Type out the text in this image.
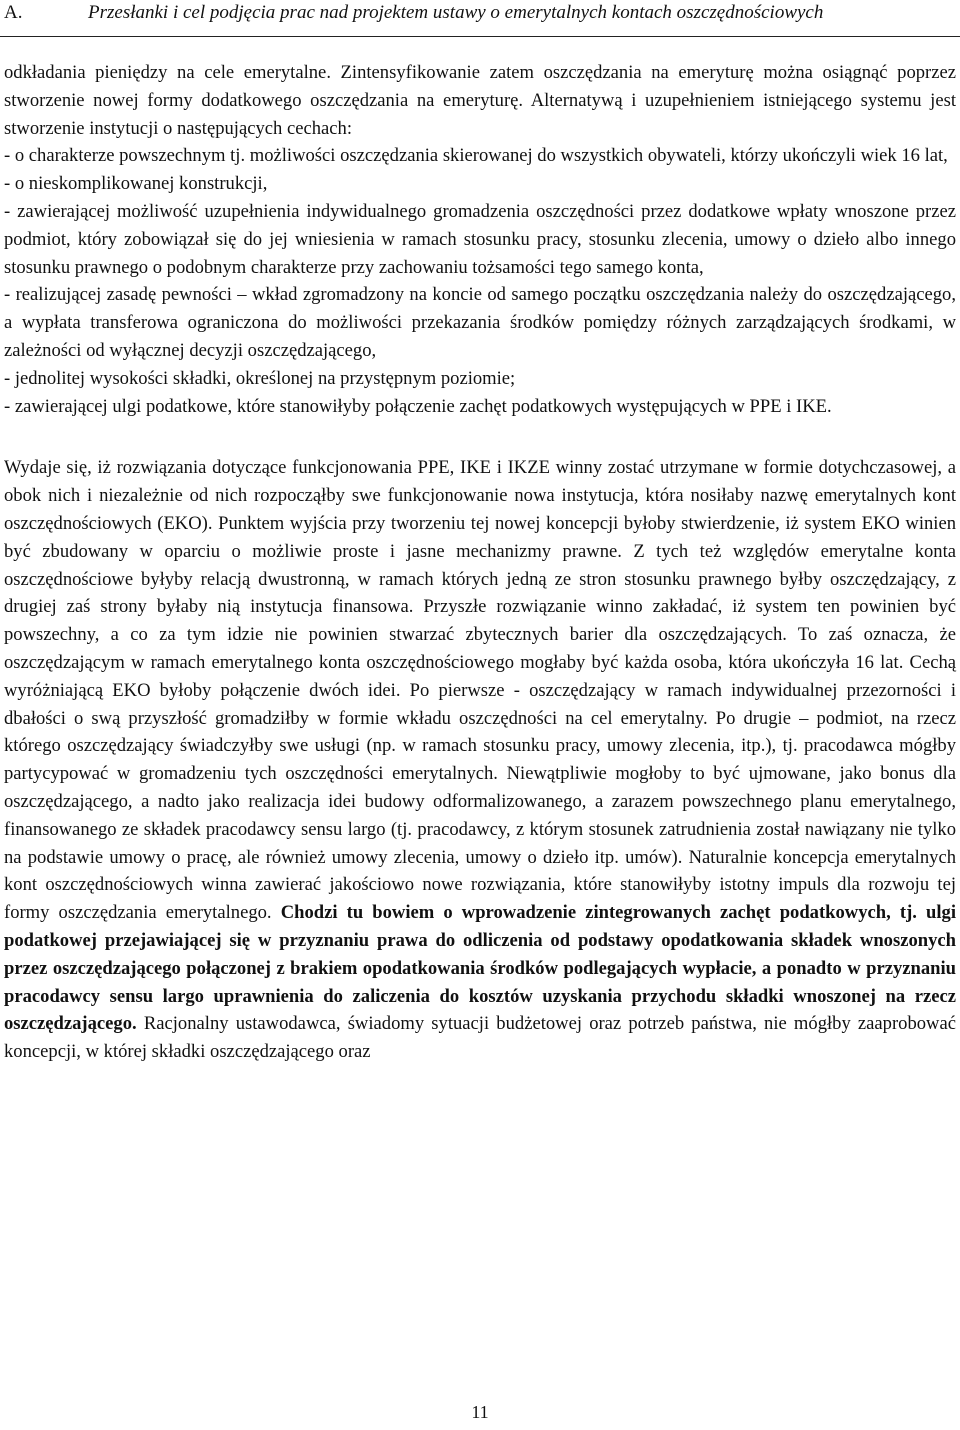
A.	Przesłanki i cel podjęcia prac nad projektem ustawy o emerytalnych kontach oszczędnościowych

odkładania pieniędzy na cele emerytalne. Zintensyfikowanie zatem oszczędzania na emeryturę można osiągnąć poprzez stworzenie nowej formy dodatkowego oszczędzania na emeryturę. Alternatywą i uzupełnieniem istniejącego systemu jest stworzenie instytucji o następujących cechach:

- o charakterze powszechnym tj. możliwości oszczędzania skierowanej do wszystkich obywateli, którzy ukończyli wiek 16 lat,

- o nieskomplikowanej konstrukcji,

- zawierającej możliwość uzupełnienia indywidualnego gromadzenia oszczędności przez dodatkowe wpłaty wnoszone przez podmiot, który zobowiązał się do jej wniesienia w ramach stosunku pracy, stosunku zlecenia, umowy o dzieło albo innego stosunku prawnego o podobnym charakterze przy zachowaniu tożsamości tego samego konta,

- realizującej zasadę pewności – wkład zgromadzony na koncie od samego początku oszczędzania należy do oszczędzającego, a wypłata transferowa ograniczona do możliwości przekazania środków pomiędzy różnych zarządzających środkami, w zależności od wyłącznej decyzji oszczędzającego,

- jednolitej wysokości składki, określonej na przystępnym poziomie;

- zawierającej ulgi podatkowe, które stanowiłyby połączenie zachęt podatkowych występujących w PPE i IKE.

Wydaje się, iż rozwiązania dotyczące funkcjonowania PPE, IKE i IKZE winny zostać utrzymane w formie dotychczasowej, a obok nich i niezależnie od nich rozpocząłby swe funkcjonowanie nowa instytucja, która nosiłaby nazwę emerytalnych kont oszczędnościowych (EKO). Punktem wyjścia przy tworzeniu tej nowej koncepcji byłoby stwierdzenie, iż system EKO winien być zbudowany w oparciu o możliwie proste i jasne mechanizmy prawne. Z tych też względów emerytalne konta oszczędnościowe byłyby relacją dwustronną, w ramach których jedną ze stron stosunku prawnego byłby oszczędzający, z drugiej zaś strony byłaby nią instytucja finansowa. Przyszłe rozwiązanie winno zakładać, iż system ten powinien być powszechny, a co za tym idzie nie powinien stwarzać zbytecznych barier dla oszczędzających. To zaś oznacza, że oszczędzającym w ramach emerytalnego konta oszczędnościowego mogłaby być każda osoba, która ukończyła 16 lat. Cechą wyróżniającą EKO byłoby połączenie dwóch idei. Po pierwsze - oszczędzający w ramach indywidualnej przezorności i dbałości o swą przyszłość gromadziłby w formie wkładu oszczędności na cel emerytalny. Po drugie – podmiot, na rzecz którego oszczędzający świadczyłby swe usługi (np. w ramach stosunku pracy, umowy zlecenia, itp.), tj. pracodawca mógłby partycypować w gromadzeniu tych oszczędności emerytalnych. Niewątpliwie mogłoby to być ujmowane, jako bonus dla oszczędzającego, a nadto jako realizacja idei budowy odformalizowanego, a zarazem powszechnego planu emerytalnego, finansowanego ze składek pracodawcy sensu largo (tj. pracodawcy, z którym stosunek zatrudnienia został nawiązany nie tylko na podstawie umowy o pracę, ale również umowy zlecenia, umowy o dzieło itp. umów). Naturalnie koncepcja emerytalnych kont oszczędnościowych winna zawierać jakościowo nowe rozwiązania, które stanowiłyby istotny impuls dla rozwoju tej formy oszczędzania emerytalnego. Chodzi tu bowiem o wprowadzenie zintegrowanych zachęt podatkowych, tj. ulgi podatkowej przejawiającej się w przyznaniu prawa do odliczenia od podstawy opodatkowania składek wnoszonych przez oszczędzającego połączonej z brakiem opodatkowania środków podlegających wypłacie, a ponadto w przyznaniu pracodawcy sensu largo uprawnienia do zaliczenia do kosztów uzyskania przychodu składki wnoszonej na rzecz oszczędzającego. Racjonalny ustawodawca, świadomy sytuacji budżetowej oraz potrzeb państwa, nie mógłby zaaprobować koncepcji, w której składki oszczędzającego oraz

11
